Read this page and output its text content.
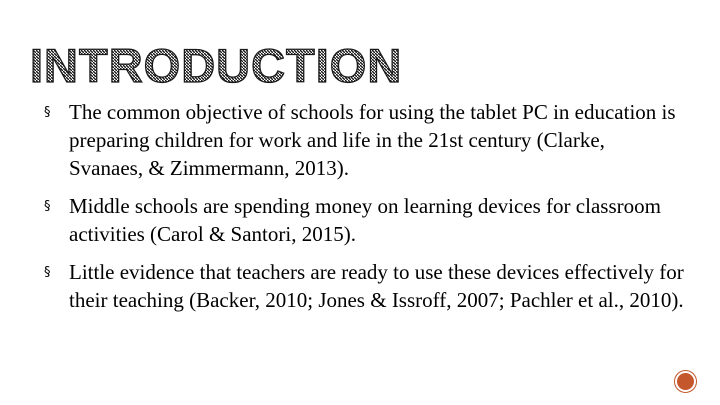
INTRODUCTION
§ The common objective of schools for using the tablet PC in education is preparing children for work and life in the 21st century (Clarke, Svanaes, & Zimmermann, 2013).
§ Middle schools are spending money on learning devices for classroom activities (Carol & Santori, 2015).
§ Little evidence that teachers are ready to use these devices effectively for their teaching (Backer, 2010; Jones & Issroff, 2007; Pachler et al., 2010).
